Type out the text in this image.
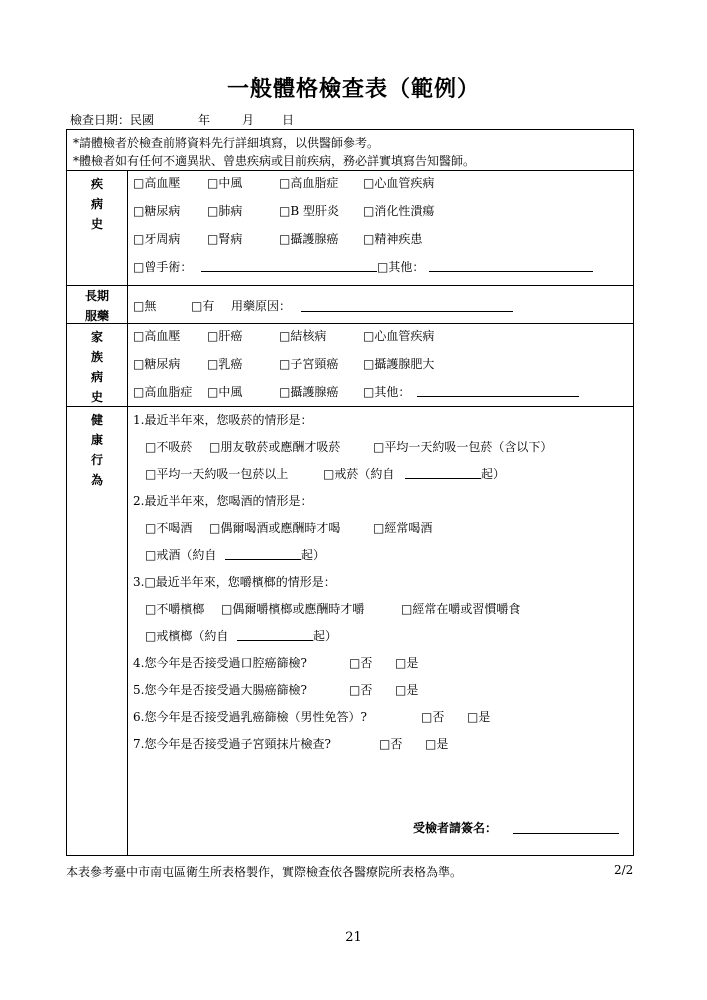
一般體格檢查表（範例）
檢查日期：民國	年	月 日
*請體檢者於檢查前將資料先行詳細填寫，以供醫師參考。
*體檢者如有任何不適異狀、曾患疾病或目前疾病，務必詳實填寫告知醫師。
疾病史
□高血壓 □中風	□高血脂症 □心血管疾病
□糖尿病 □肺病	□B 型肝炎 □消化性潰瘍
□牙周病 □腎病	□攝護腺癌 □精神疾患
□曾手術：	□其他：
長期服藥
□無	□有 用藥原因：
家族病史
□高血壓 □肝癌	□結核病	□心血管疾病
□糖尿病 □乳癌	□子宮頸癌 □攝護腺肥大
□高血脂症 □中風	□攝護腺癌 □其他：
健康行為
1.最近半年來，您吸菸的情形是：
□不吸菸 □朋友敬菸或應酬才吸菸	□平均一天約吸一包菸（含以下）
□平均一天約吸一包菸以上	□戒菸（約自	起）
2.最近半年來，您喝酒的情形是：
□不喝酒 □偶爾喝酒或應酬時才喝	□經常喝酒
□戒酒（約自	起）
3.□最近半年來，您嚼檳榔的情形是：
□不嚼檳榔 □偶爾嚼檳榔或應酬時才嚼	□經常在嚼或習慣嚼食
□戒檳榔（約自	起）
4.您今年是否接受過口腔癌篩檢?	□否 □是
5.您今年是否接受過大腸癌篩檢?	□否 □是
6.您今年是否接受過乳癌篩檢（男性免答）?	□否 □是
7.您今年是否接受過子宮頸抹片檢查?	□否 □是
受檢者請簽名：
本表參考臺中市南屯區衛生所表格製作，實際檢查依各醫療院所表格為準。	2/2
21
